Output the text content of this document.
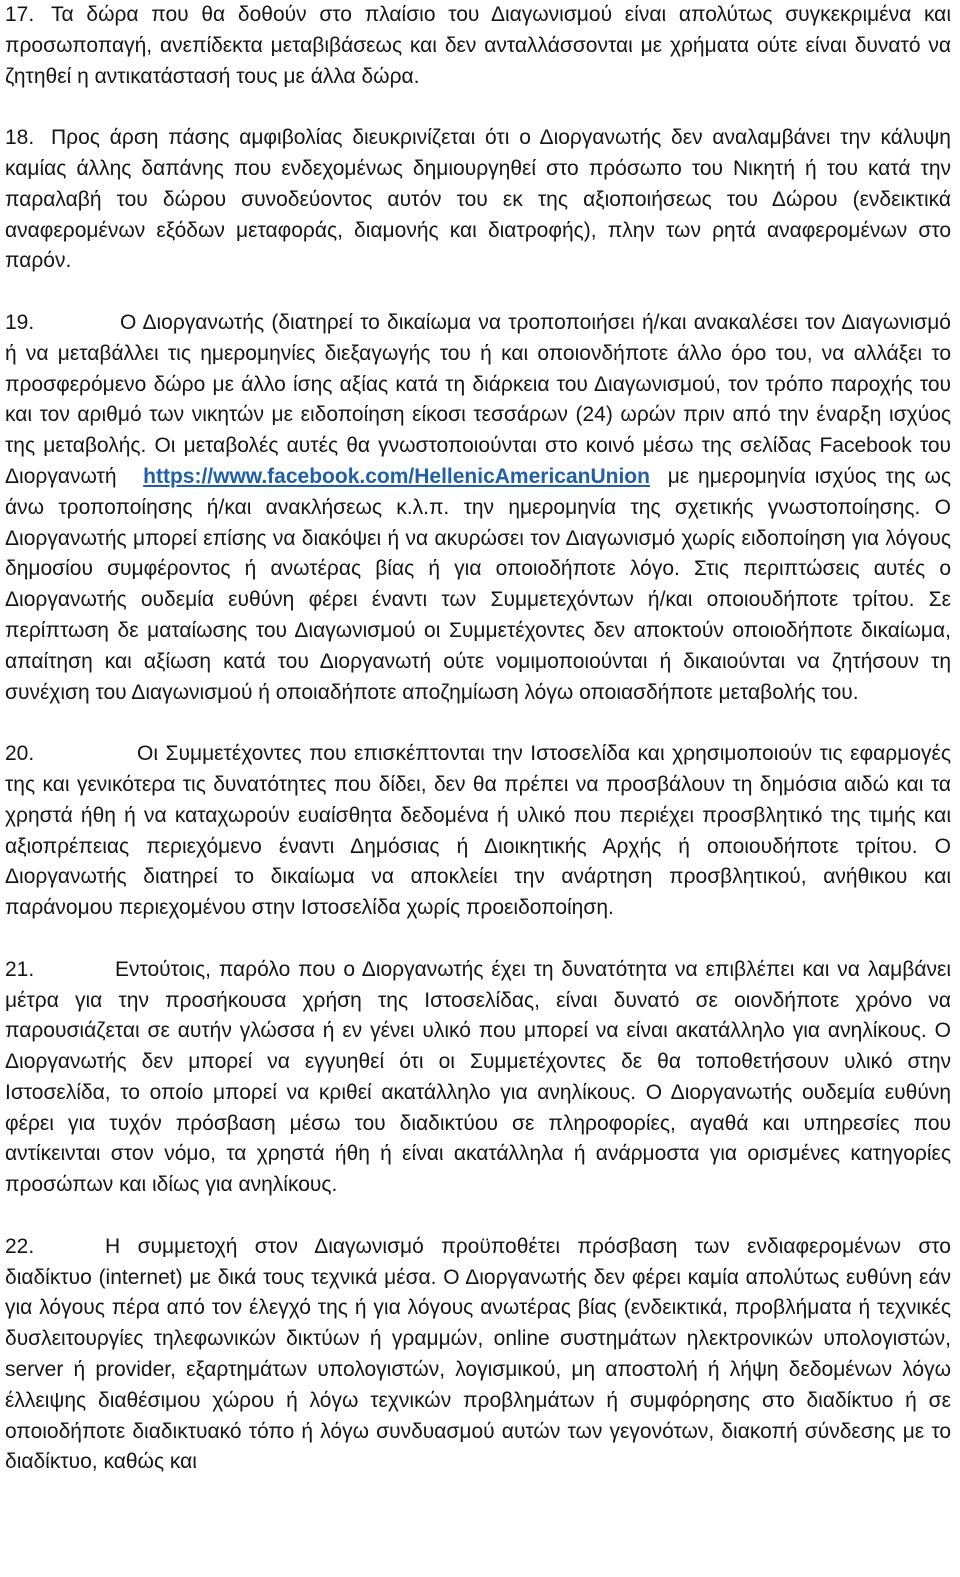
17. Τα δώρα που θα δοθούν στο πλαίσιο του Διαγωνισμού είναι απολύτως συγκεκριμένα και προσωποπαγή, ανεπίδεκτα μεταβιβάσεως και δεν ανταλλάσσονται με χρήματα ούτε είναι δυνατό να ζητηθεί η αντικατάστασή τους με άλλα δώρα.

18. Προς άρση πάσης αμφιβολίας διευκρινίζεται ότι ο Διοργανωτής δεν αναλαμβάνει την κάλυψη καμίας άλλης δαπάνης που ενδεχομένως δημιουργηθεί στο πρόσωπο του Νικητή ή του κατά την παραλαβή του δώρου συνοδεύοντος αυτόν του εκ της αξιοποιήσεως του Δώρου (ενδεικτικά αναφερομένων εξόδων μεταφοράς, διαμονής και διατροφής), πλην των ρητά αναφερομένων στο παρόν.

19.	Ο Διοργανωτής (διατηρεί το δικαίωμα να τροποποιήσει ή/και ανακαλέσει τον Διαγωνισμό ή να μεταβάλλει τις ημερομηνίες διεξαγωγής του ή και οποιονδήποτε άλλο όρο του, να αλλάξει το προσφερόμενο δώρο με άλλο ίσης αξίας κατά τη διάρκεια του Διαγωνισμού, τον τρόπο παροχής του και τον αριθμό των νικητών με ειδοποίηση είκοσι τεσσάρων (24) ωρών πριν από την έναρξη ισχύος της μεταβολής. Οι μεταβολές αυτές θα γνωστοποιούνται στο κοινό μέσω της σελίδας Facebook του Διοργανωτή https://www.facebook.com/HellenicAmericanUnion με ημερομηνία ισχύος της ως άνω τροποποίησης ή/και ανακλήσεως κ.λ.π. την ημερομηνία της σχετικής γνωστοποίησης. Ο Διοργανωτής μπορεί επίσης να διακόψει ή να ακυρώσει τον Διαγωνισμό χωρίς ειδοποίηση για λόγους δημοσίου συμφέροντος ή ανωτέρας βίας ή για οποιοδήποτε λόγο. Στις περιπτώσεις αυτές ο Διοργανωτής ουδεμία ευθύνη φέρει έναντι των Συμμετεχόντων ή/και οποιουδήποτε τρίτου. Σε περίπτωση δε ματαίωσης του Διαγωνισμού οι Συμμετέχοντες δεν αποκτούν οποιοδήποτε δικαίωμα, απαίτηση και αξίωση κατά του Διοργανωτή ούτε νομιμοποιούνται ή δικαιούνται να ζητήσουν τη συνέχιση του Διαγωνισμού ή οποιαδήποτε αποζημίωση λόγω οποιασδήποτε μεταβολής του.

20.	Οι Συμμετέχοντες που επισκέπτονται την Ιστοσελίδα και χρησιμοποιούν τις εφαρμογές της και γενικότερα τις δυνατότητες που δίδει, δεν θα πρέπει να προσβάλουν τη δημόσια αιδώ και τα χρηστά ήθη ή να καταχωρούν ευαίσθητα δεδομένα ή υλικό που περιέχει προσβλητικό της τιμής και αξιοπρέπειας περιεχόμενο έναντι Δημόσιας ή Διοικητικής Αρχής ή οποιουδήποτε τρίτου. Ο Διοργανωτής διατηρεί το δικαίωμα να αποκλείει την ανάρτηση προσβλητικού, ανήθικου και παράνομου περιεχομένου στην Ιστοσελίδα χωρίς προειδοποίηση.

21.	Εντούτοις, παρόλο που ο Διοργανωτής έχει τη δυνατότητα να επιβλέπει και να λαμβάνει μέτρα για την προσήκουσα χρήση της Ιστοσελίδας, είναι δυνατό σε οιονδήποτε χρόνο να παρουσιάζεται σε αυτήν γλώσσα ή εν γένει υλικό που μπορεί να είναι ακατάλληλο για ανηλίκους. Ο Διοργανωτής δεν μπορεί να εγγυηθεί ότι οι Συμμετέχοντες δε θα τοποθετήσουν υλικό στην Ιστοσελίδα, το οποίο μπορεί να κριθεί ακατάλληλο για ανηλίκους. Ο Διοργανωτής ουδεμία ευθύνη φέρει για τυχόν πρόσβαση μέσω του διαδικτύου σε πληροφορίες, αγαθά και υπηρεσίες που αντίκεινται στον νόμο, τα χρηστά ήθη ή είναι ακατάλληλα ή ανάρμοστα για ορισμένες κατηγορίες προσώπων και ιδίως για ανηλίκους.

22.	Η συμμετοχή στον Διαγωνισμό προϋποθέτει πρόσβαση των ενδιαφερομένων στο διαδίκτυο (internet) με δικά τους τεχνικά μέσα. Ο Διοργανωτής δεν φέρει καμία απολύτως ευθύνη εάν για λόγους πέρα από τον έλεγχό της ή για λόγους ανωτέρας βίας (ενδεικτικά, προβλήματα ή τεχνικές δυσλειτουργίες τηλεφωνικών δικτύων ή γραμμών, online συστημάτων ηλεκτρονικών υπολογιστών, server ή provider, εξαρτημάτων υπολογιστών, λογισμικού, μη αποστολή ή λήψη δεδομένων λόγω έλλειψης διαθέσιμου χώρου ή λόγω τεχνικών προβλημάτων ή συμφόρησης στο διαδίκτυο ή σε οποιοδήποτε διαδικτυακό τόπο ή λόγω συνδυασμού αυτών των γεγονότων, διακοπή σύνδεσης με το διαδίκτυο, καθώς και
